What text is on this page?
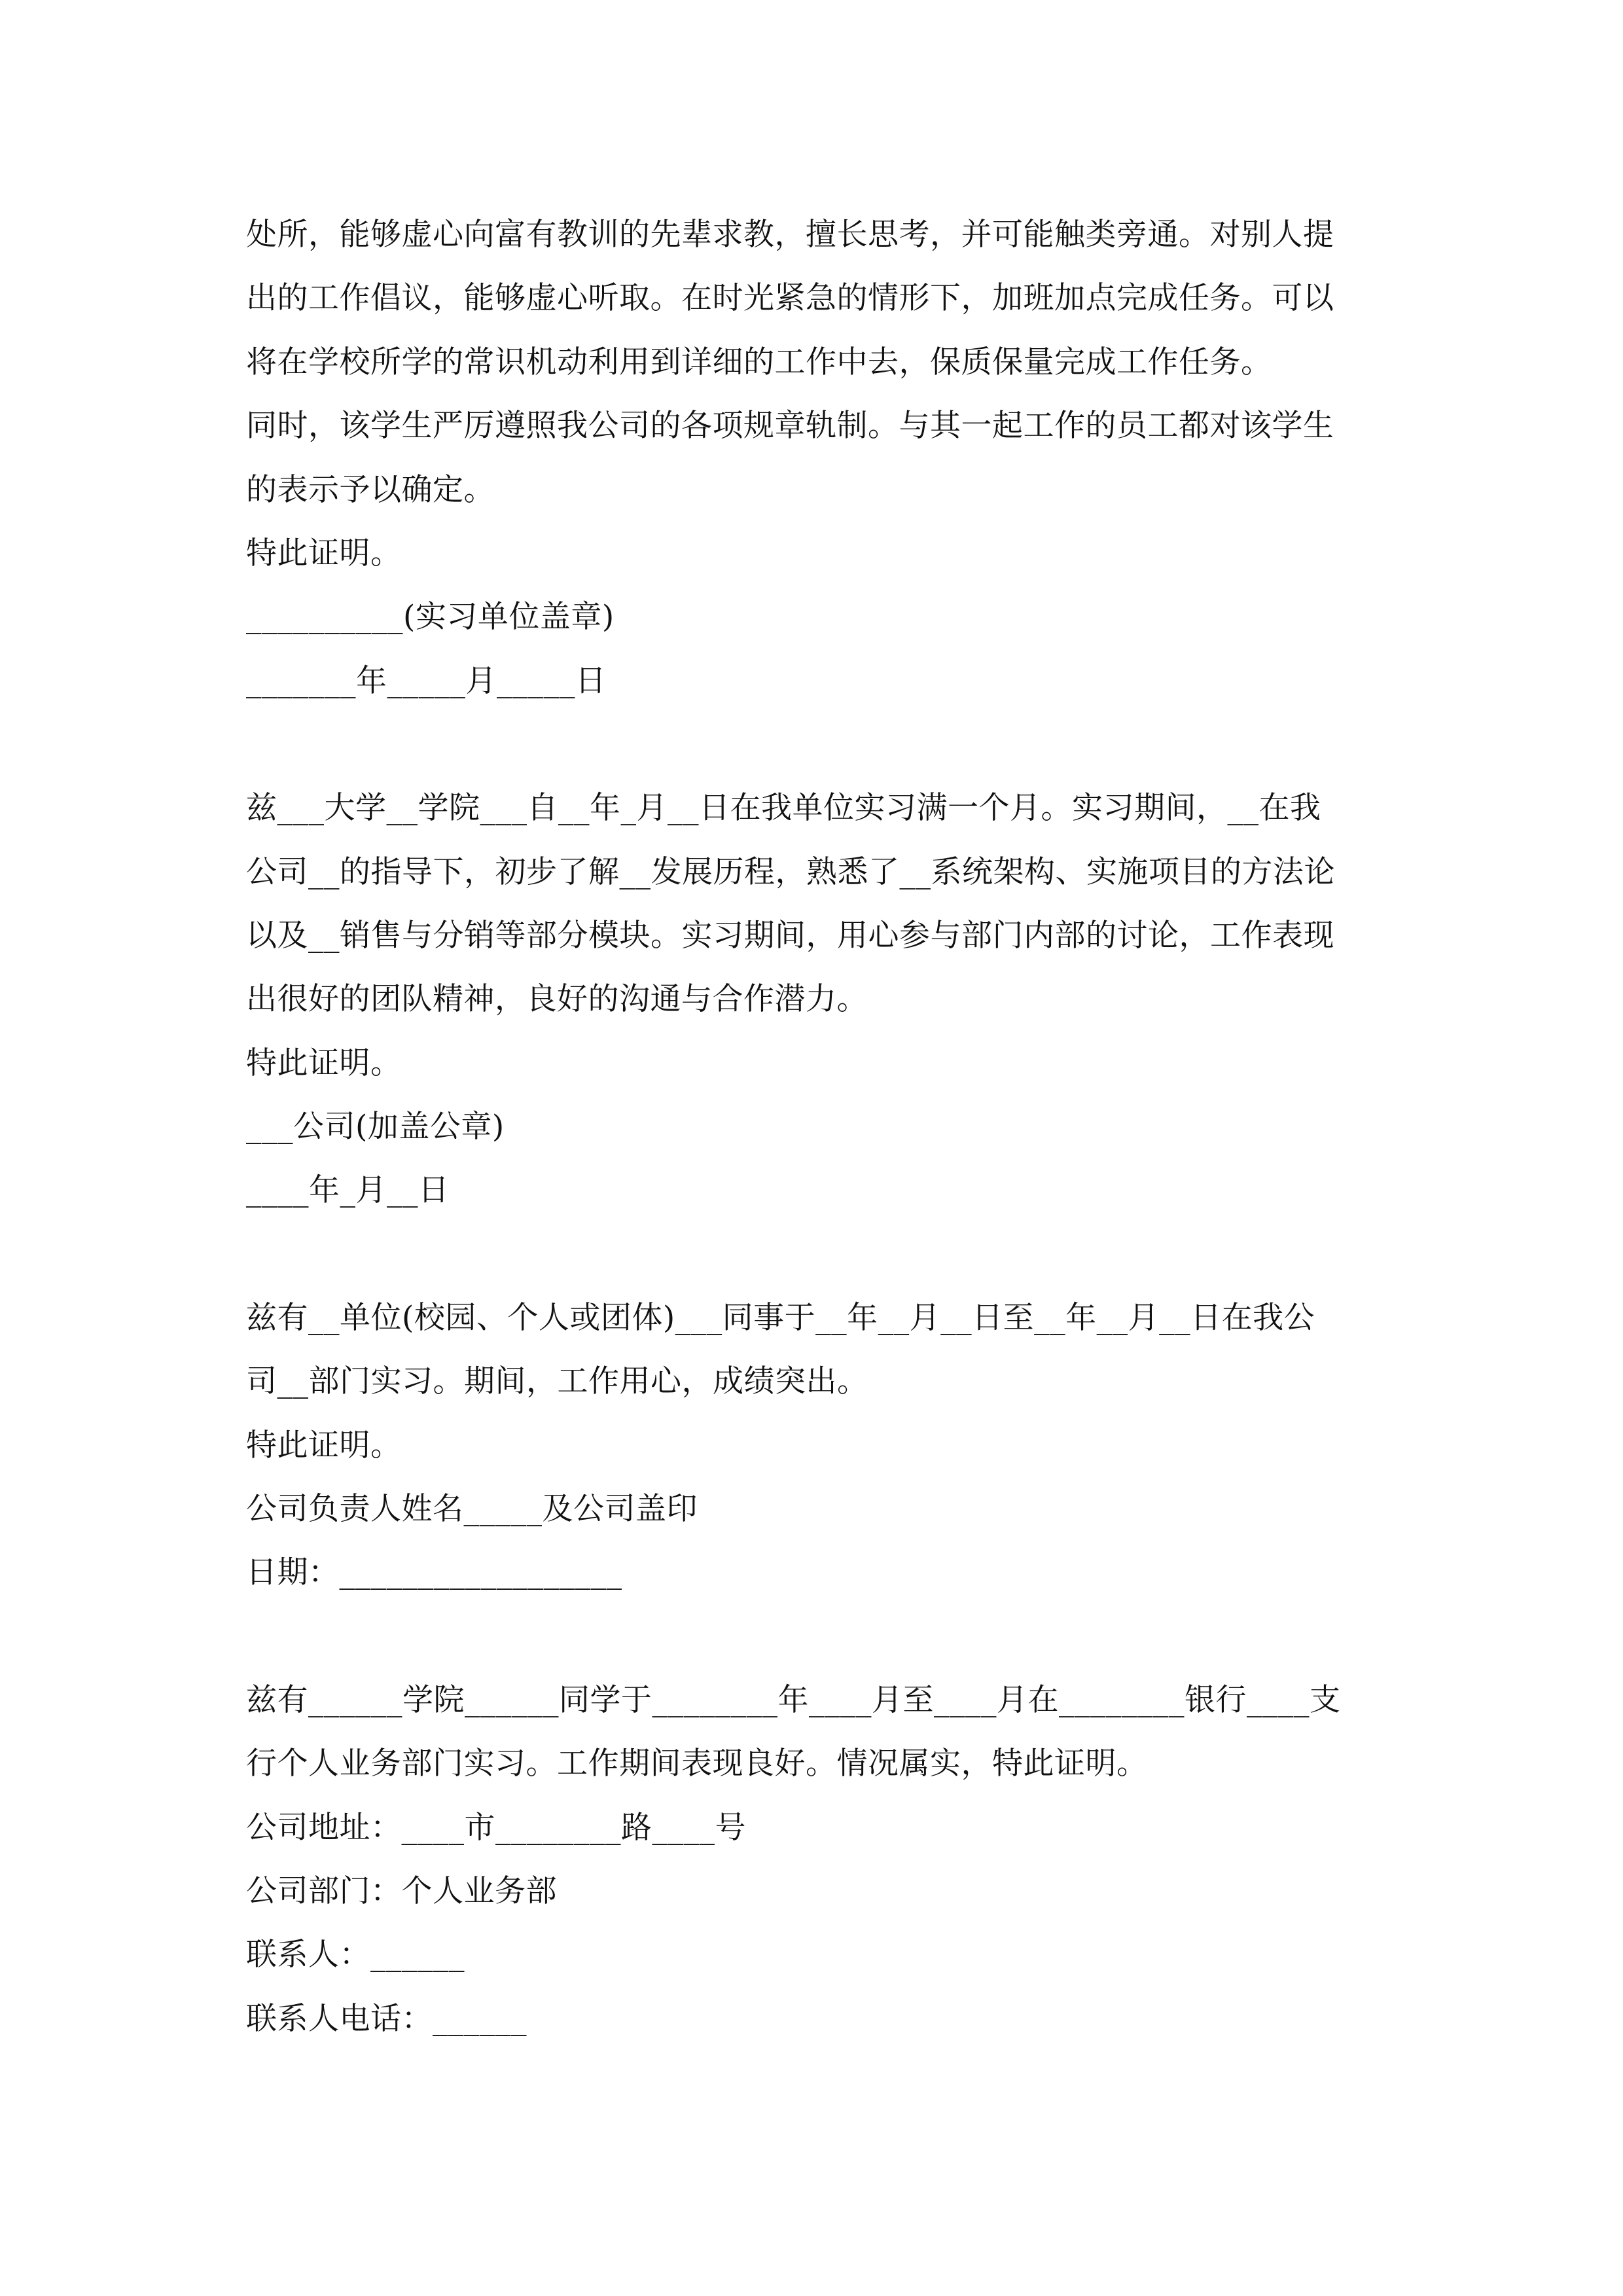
处所，能够虚心向富有教训的先辈求教，擅长思考，并可能触类旁通。对别人提
出的工作倡议，能够虚心听取。在时光紧急的情形下，加班加点完成任务。可以
将在学校所学的常识机动利用到详细的工作中去，保质保量完成工作任务。
同时，该学生严厉遵照我公司的各项规章轨制。与其一起工作的员工都对该学生
的表示予以确定。
特此证明。
__________(实习单位盖章)
_______年_____月_____日
兹___大学__学院___自__年_月__日在我单位实习满一个月。实习期间，__在我
公司__的指导下，初步了解__发展历程，熟悉了__系统架构、实施项目的方法论
以及__销售与分销等部分模块。实习期间，用心参与部门内部的讨论，工作表现
出很好的团队精神，良好的沟通与合作潜力。
特此证明。
___公司(加盖公章)
____年_月__日
兹有__单位(校园、个人或团体)___同事于__年__月__日至__年__月__日在我公
司__部门实习。期间，工作用心，成绩突出。
特此证明。
公司负责人姓名_____及公司盖印
日期：__________________
兹有______学院______同学于________年____月至____月在________银行____支
行个人业务部门实习。工作期间表现良好。情况属实，特此证明。
公司地址：____市________路____号
公司部门：个人业务部
联系人：______
联系人电话：______
